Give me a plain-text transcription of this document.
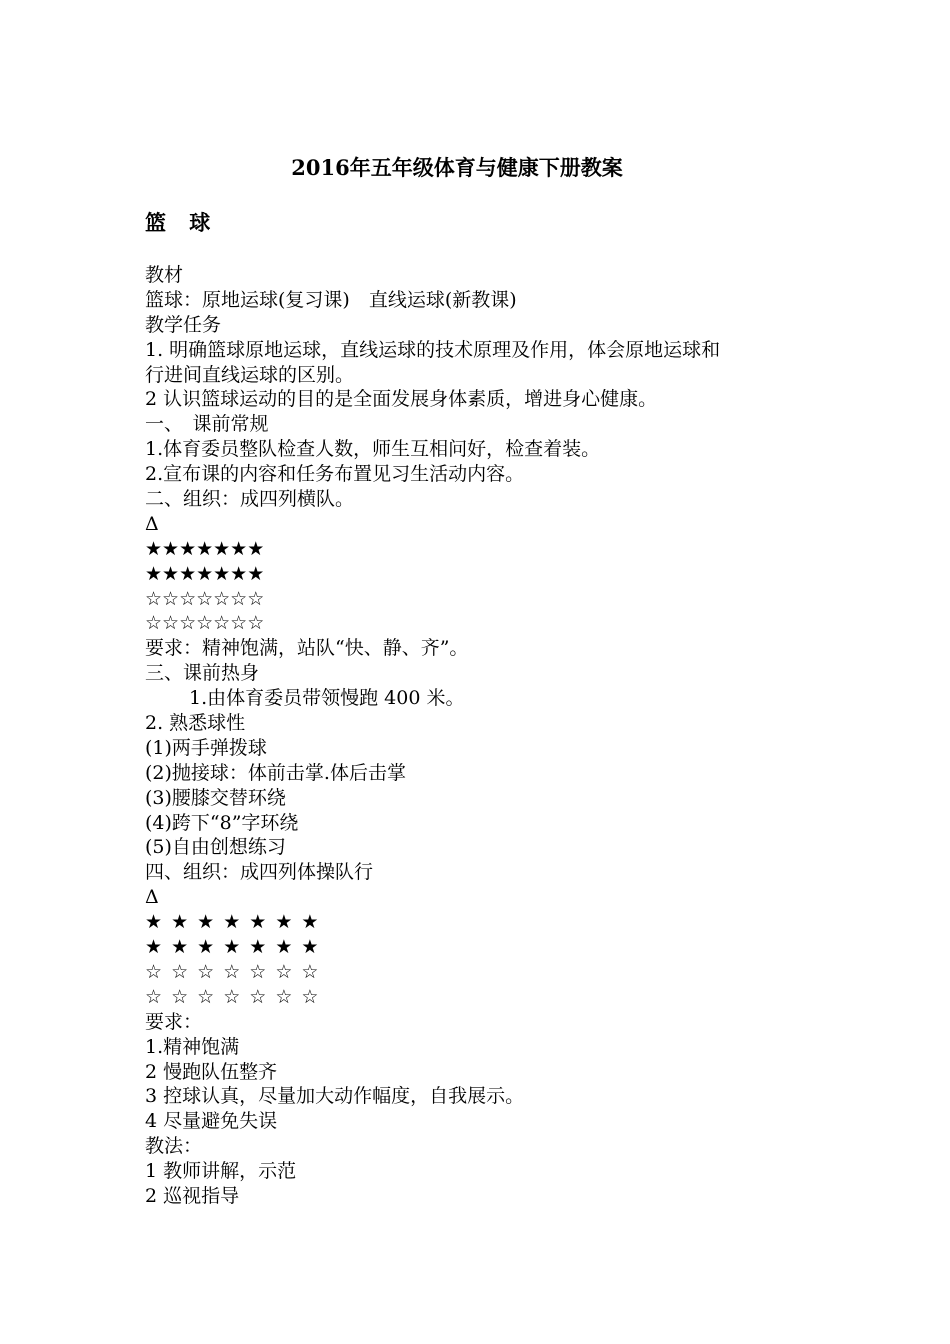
2016年五年级体育与健康下册教案
篮 球
教材
篮球：原地运球(复习课)　直线运球(新教课)
教学任务
1. 明确篮球原地运球，直线运球的技术原理及作用，体会原地运球和
行进间直线运球的区别。
2 认识篮球运动的目的是全面发展身体素质，增进身心健康。
一、　课前常规
1.体育委员整队检查人数，师生互相问好，检查着装。
2.宣布课的内容和任务布置见习生活动内容。
二、组织：成四列横队。
Δ
★★★★★★★
★★★★★★★
☆☆☆☆☆☆☆
☆☆☆☆☆☆☆
要求：精神饱满，站队“快、静、齐”。
三、课前热身
1.由体育委员带领慢跑 400 米。
2. 熟悉球性
(1)两手弹拨球
(2)抛接球：体前击掌.体后击掌
(3)腰膝交替环绕
(4)跨下“8”字环绕
(5)自由创想练习
四、组织：成四列体操队行
Δ
★ ★ ★ ★ ★ ★ ★
★ ★ ★ ★ ★ ★ ★
☆ ☆ ☆ ☆ ☆ ☆ ☆
☆ ☆ ☆ ☆ ☆ ☆ ☆
要求：
1.精神饱满
2 慢跑队伍整齐
3 控球认真，尽量加大动作幅度，自我展示。
4 尽量避免失误
教法：
1 教师讲解，示范
2 巡视指导
